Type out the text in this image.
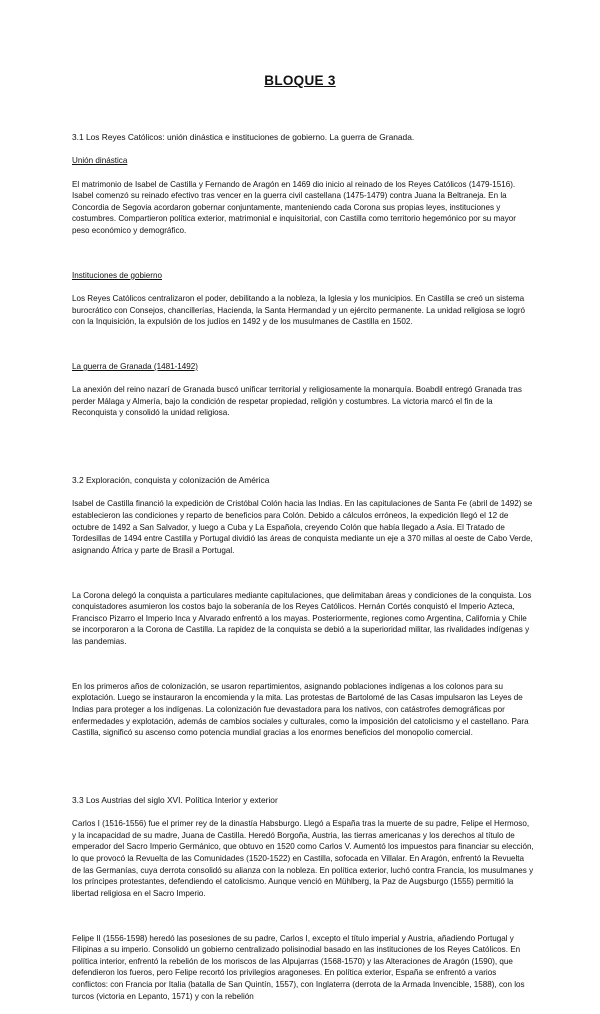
BLOQUE 3

3.1 Los Reyes Católicos: unión dinástica e instituciones de gobierno. La guerra de Granada.

Unión dinástica

El matrimonio de Isabel de Castilla y Fernando de Aragón en 1469 dio inicio al reinado de los Reyes Católicos (1479-1516). Isabel comenzó su reinado efectivo tras vencer en la guerra civil castellana (1475-1479) contra Juana la Beltraneja. En la Concordia de Segovia acordaron gobernar conjuntamente, manteniendo cada Corona sus propias leyes, instituciones y costumbres. Compartieron política exterior, matrimonial e inquisitorial, con Castilla como territorio hegemónico por su mayor peso económico y demográfico.

Instituciones de gobierno

Los Reyes Católicos centralizaron el poder, debilitando a la nobleza, la Iglesia y los municipios. En Castilla se creó un sistema burocrático con Consejos, chancillerías, Hacienda, la Santa Hermandad y un ejército permanente. La unidad religiosa se logró con la Inquisición, la expulsión de los judíos en 1492 y de los musulmanes de Castilla en 1502.

La guerra de Granada (1481-1492)

La anexión del reino nazarí de Granada buscó unificar territorial y religiosamente la monarquía. Boabdil entregó Granada tras perder Málaga y Almería, bajo la condición de respetar propiedad, religión y costumbres. La victoria marcó el fin de la Reconquista y consolidó la unidad religiosa.

3.2 Exploración, conquista y colonización de América

Isabel de Castilla financió la expedición de Cristóbal Colón hacia las Indias. En las capitulaciones de Santa Fe (abril de 1492) se establecieron las condiciones y reparto de beneficios para Colón. Debido a cálculos erróneos, la expedición llegó el 12 de octubre de 1492 a San Salvador, y luego a Cuba y La Española, creyendo Colón que había llegado a Asia. El Tratado de Tordesillas de 1494 entre Castilla y Portugal dividió las áreas de conquista mediante un eje a 370 millas al oeste de Cabo Verde, asignando África y parte de Brasil a Portugal.

La Corona delegó la conquista a particulares mediante capitulaciones, que delimitaban áreas y condiciones de la conquista. Los conquistadores asumieron los costos bajo la soberanía de los Reyes Católicos. Hernán Cortés conquistó el Imperio Azteca, Francisco Pizarro el Imperio Inca y Alvarado enfrentó a los mayas. Posteriormente, regiones como Argentina, California y Chile se incorporaron a la Corona de Castilla. La rapidez de la conquista se debió a la superioridad militar, las rivalidades indígenas y las pandemias.

En los primeros años de colonización, se usaron repartimientos, asignando poblaciones indígenas a los colonos para su explotación. Luego se instauraron la encomienda y la mita. Las protestas de Bartolomé de las Casas impulsaron las Leyes de Indias para proteger a los indígenas. La colonización fue devastadora para los nativos, con catástrofes demográficas por enfermedades y explotación, además de cambios sociales y culturales, como la imposición del catolicismo y el castellano. Para Castilla, significó su ascenso como potencia mundial gracias a los enormes beneficios del monopolio comercial.

3.3 Los Austrias del siglo XVI. Política Interior y exterior

Carlos I (1516-1556) fue el primer rey de la dinastía Habsburgo. Llegó a España tras la muerte de su padre, Felipe el Hermoso, y la incapacidad de su madre, Juana de Castilla. Heredó Borgoña, Austria, las tierras americanas y los derechos al título de emperador del Sacro Imperio Germánico, que obtuvo en 1520 como Carlos V. Aumentó los impuestos para financiar su elección, lo que provocó la Revuelta de las Comunidades (1520-1522) en Castilla, sofocada en Villalar. En Aragón, enfrentó la Revuelta de las Germanías, cuya derrota consolidó su alianza con la nobleza. En política exterior, luchó contra Francia, los musulmanes y los príncipes protestantes, defendiendo el catolicismo. Aunque venció en Mühlberg, la Paz de Augsburgo (1555) permitió la libertad religiosa en el Sacro Imperio.

Felipe II (1556-1598) heredó las posesiones de su padre, Carlos I, excepto el título imperial y Austria, añadiendo Portugal y Filipinas a su imperio. Consolidó un gobierno centralizado polisinodial basado en las instituciones de los Reyes Católicos. En política interior, enfrentó la rebelión de los moriscos de las Alpujarras (1568-1570) y las Alteraciones de Aragón (1590), que defendieron los fueros, pero Felipe recortó los privilegios aragoneses. En política exterior, España se enfrentó a varios conflictos: con Francia por Italia (batalla de San Quintín, 1557), con Inglaterra (derrota de la Armada Invencible, 1588), con los turcos (victoria en Lepanto, 1571) y con la rebelión
